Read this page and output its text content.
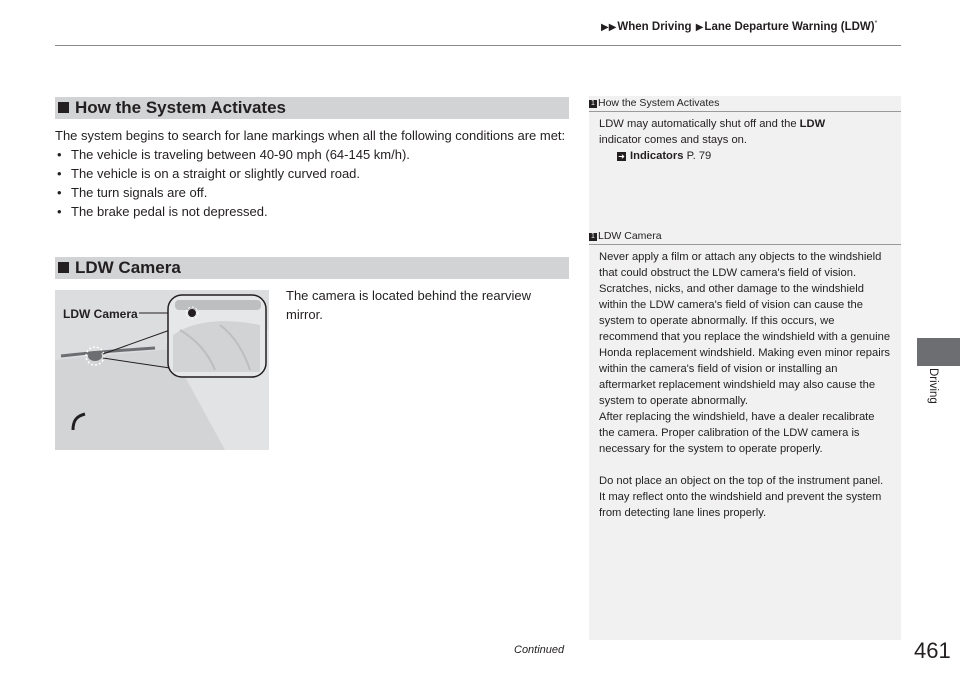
▶▶When Driving ▶Lane Departure Warning (LDW)*
Driving
How the System Activates
The system begins to search for lane markings when all the following conditions are met:
• The vehicle is traveling between 40-90 mph (64-145 km/h).
• The vehicle is on a straight or slightly curved road.
• The turn signals are off.
• The brake pedal is not depressed.
LDW Camera
The camera is located behind the rearview mirror.
LDW Camera
1 How the System Activates
LDW may automatically shut off and the LDW
indicator comes and stays on.
➜ Indicators P. 79
1 LDW Camera
Never apply a film or attach any objects to the windshield that could obstruct the LDW camera's field of vision.
Scratches, nicks, and other damage to the windshield within the LDW camera's field of vision can cause the system to operate abnormally. If this occurs, we recommend that you replace the windshield with a genuine Honda replacement windshield. Making even minor repairs within the camera's field of vision or installing an aftermarket replacement windshield may also cause the system to operate abnormally.
After replacing the windshield, have a dealer recalibrate the camera. Proper calibration of the LDW camera is necessary for the system to operate properly.
Do not place an object on the top of the instrument panel. It may reflect onto the windshield and prevent the system from detecting lane lines properly.
Continued	461
